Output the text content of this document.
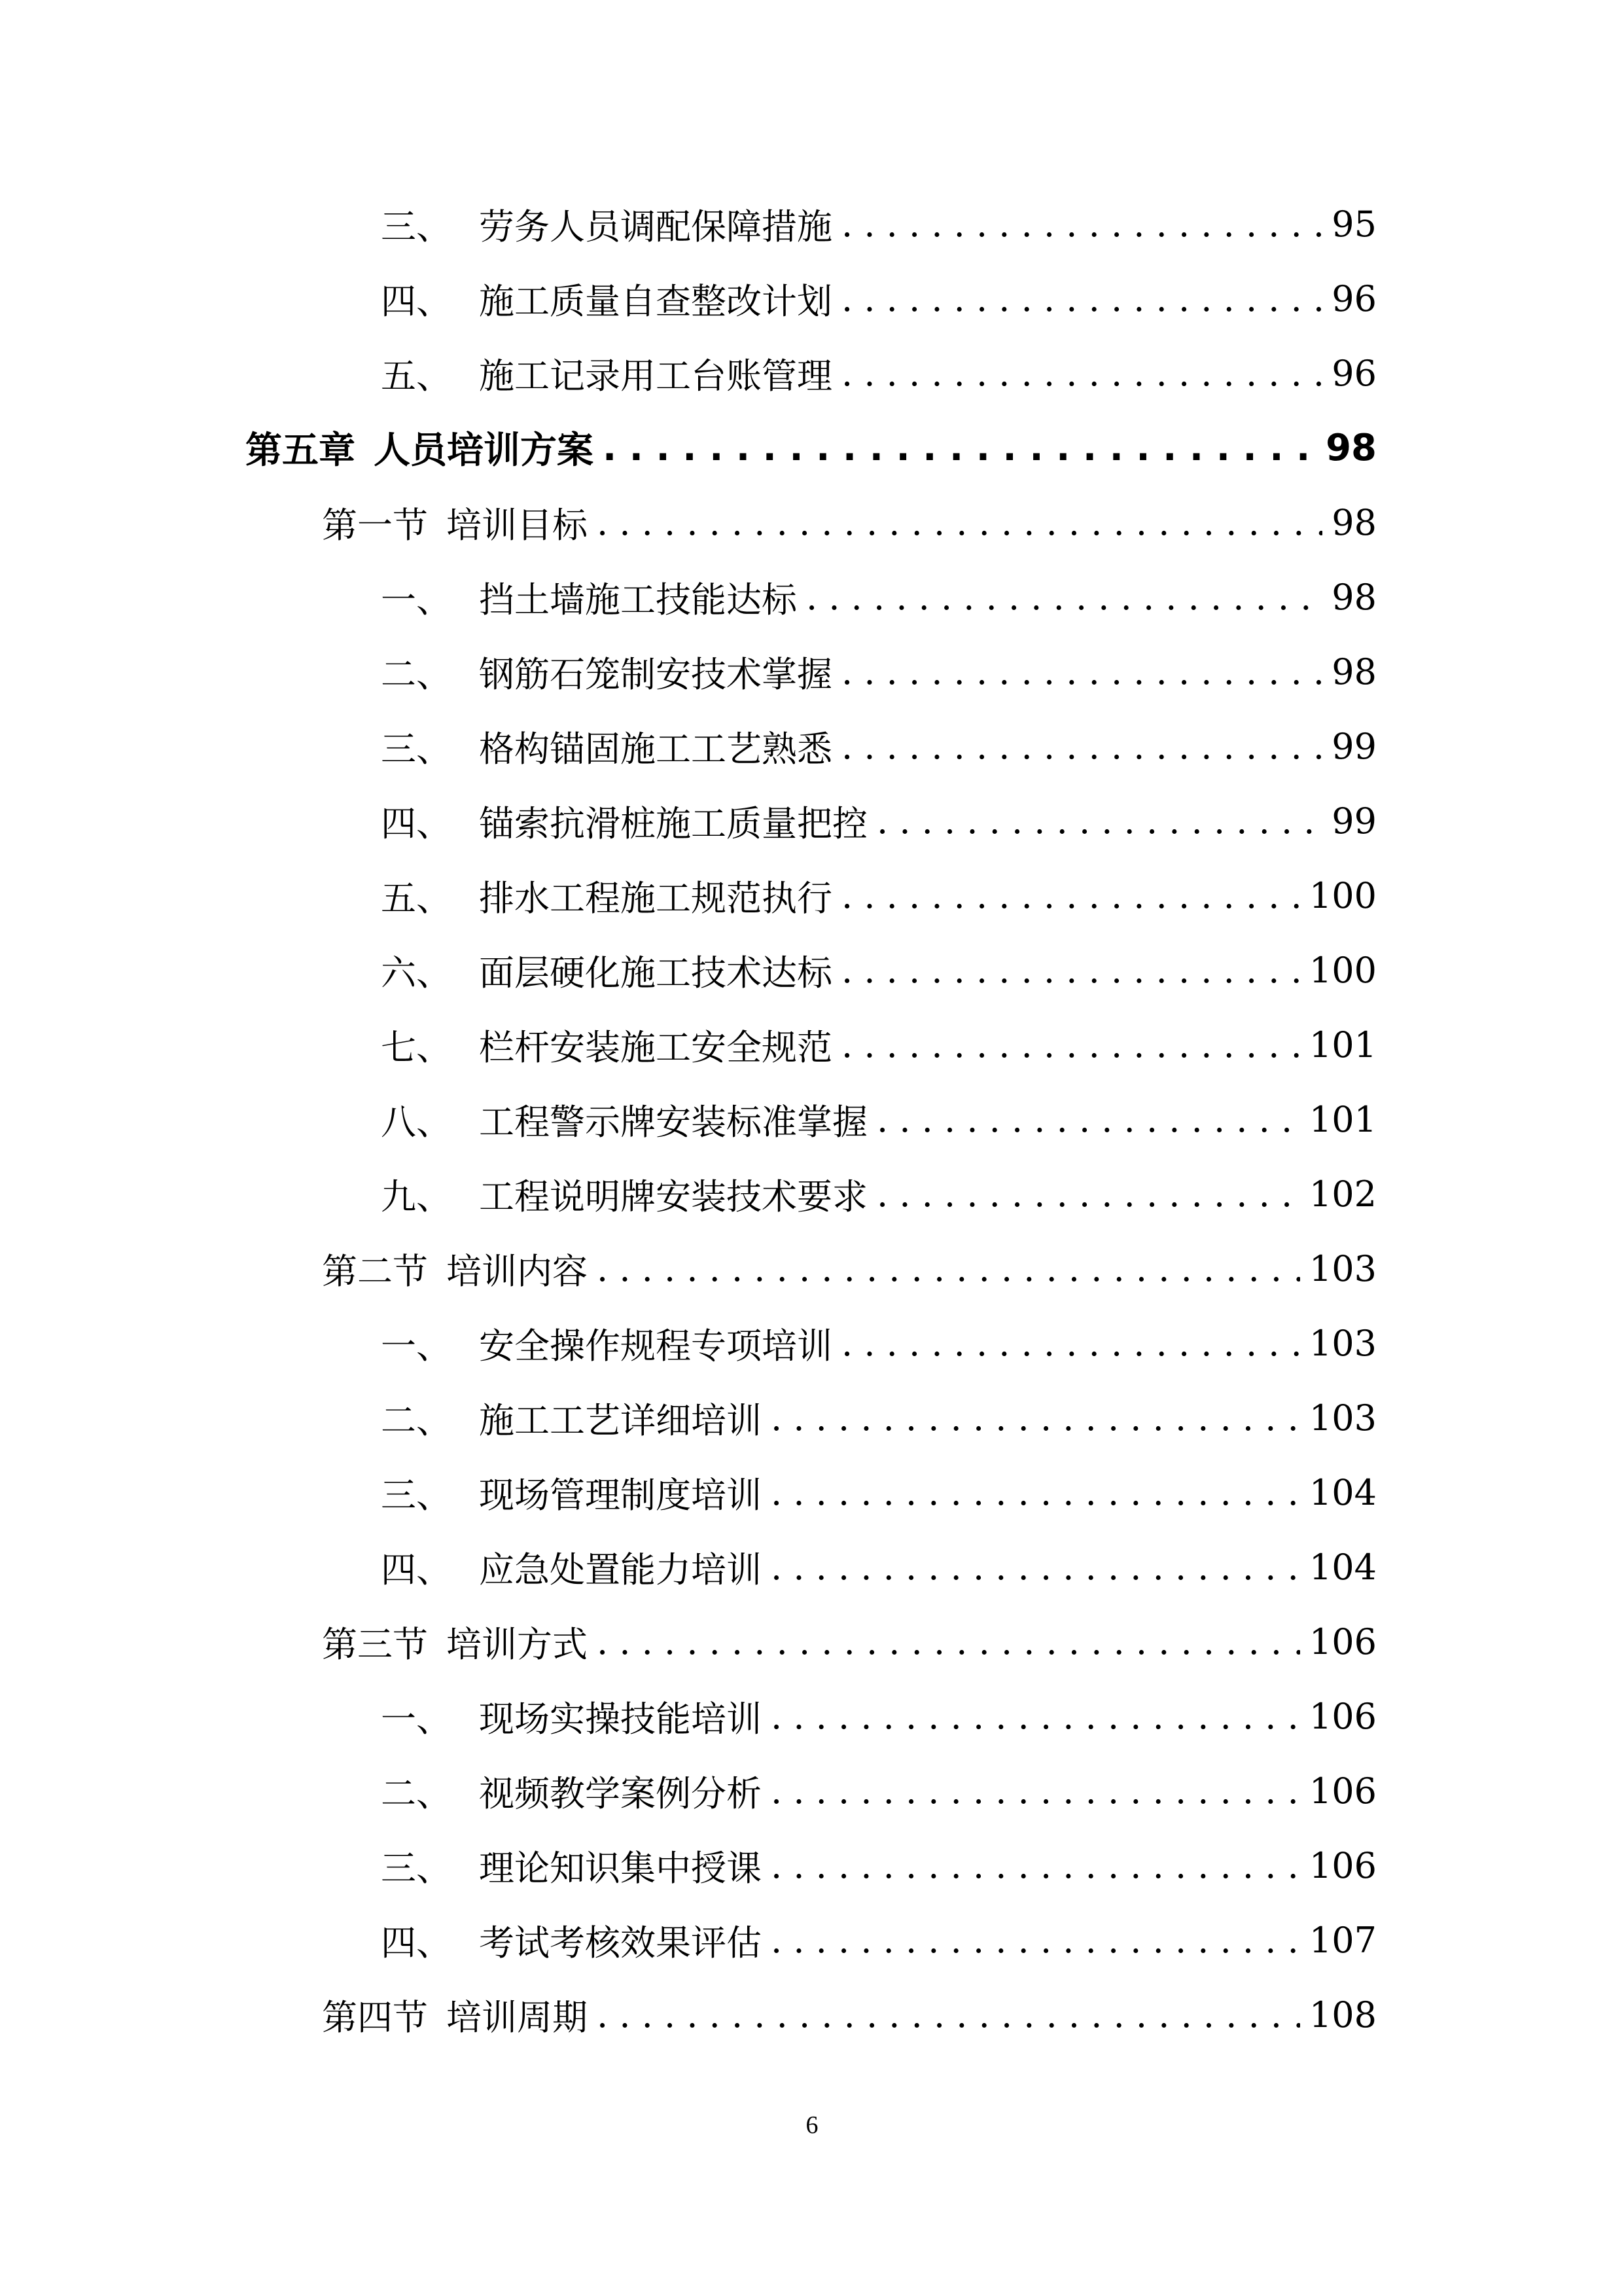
三、 劳务人员调配保障措施 . . .	95
四、 施工质量自查整改计划 . . .	96
五、 施工记录用工台账管理 . . .	96
第五章 人员培训方案 . . .	98
第一节 培训目标 . . .	98
一、 挡土墙施工技能达标 . . .	98
二、 钢筋石笼制安技术掌握 . . .	98
三、 格构锚固施工工艺熟悉 . . .	99
四、 锚索抗滑桩施工质量把控 . . .	99
五、 排水工程施工规范执行 . . .	100
六、 面层硬化施工技术达标 . . .	100
七、 栏杆安装施工安全规范 . . .	101
八、 工程警示牌安装标准掌握 . . .	101
九、 工程说明牌安装技术要求 . . .	102
第二节 培训内容 . . .	103
一、 安全操作规程专项培训 . . .	103
二、 施工工艺详细培训 . . .	103
三、 现场管理制度培训 . . .	104
四、 应急处置能力培训 . . .	104
第三节 培训方式 . . .	106
一、 现场实操技能培训 . . .	106
二、 视频教学案例分析 . . .	106
三、 理论知识集中授课 . . .	106
四、 考试考核效果评估 . . .	107
第四节 培训周期 . . .	108
6
